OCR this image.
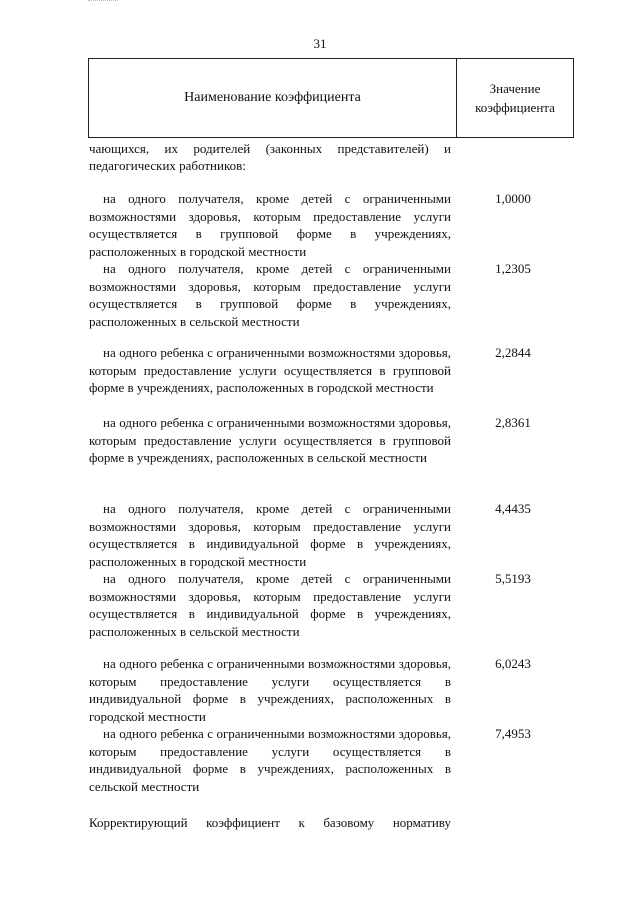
31
Наименование коэффициента
Значение
коэффициента
чающихся, их родителей (законных представителей) и педагогических работников:
на одного получателя, кроме детей с ограниченными возможностями здоровья, которым предоставление услуги осуществляется в групповой форме в учреждениях, расположенных в городской местности
1,0000
на одного получателя, кроме детей с ограниченными возможностями здоровья, которым предоставление услуги осуществляется в групповой форме в учреждениях, расположенных в сельской местности
1,2305
на одного ребенка с ограниченными возможностями здоровья, которым предоставление услуги осуществляется в групповой форме в учреждениях, расположенных в городской местности
2,2844
на одного ребенка с ограниченными возможностями здоровья, которым предоставление услуги осуществляется в групповой форме в учреждениях, расположенных в сельской местности
2,8361
на одного получателя, кроме детей с ограниченными возможностями здоровья, которым предоставление услуги осуществляется в индивидуальной форме в учреждениях, расположенных в городской местности
4,4435
на одного получателя, кроме детей с ограниченными возможностями здоровья, которым предоставление услуги осуществляется в индивидуальной форме в учреждениях, расположенных в сельской местности
5,5193
на одного ребенка с ограниченными возможностями здоровья, которым предоставление услуги осуществляется в индивидуальной форме в учреждениях, расположенных в городской местности
6,0243
на одного ребенка с ограниченными возможностями здоровья, которым предоставление услуги осуществляется в индивидуальной форме в учреждениях, расположенных в сельской местности
7,4953
Корректирующий коэффициент к базовому нормативу
